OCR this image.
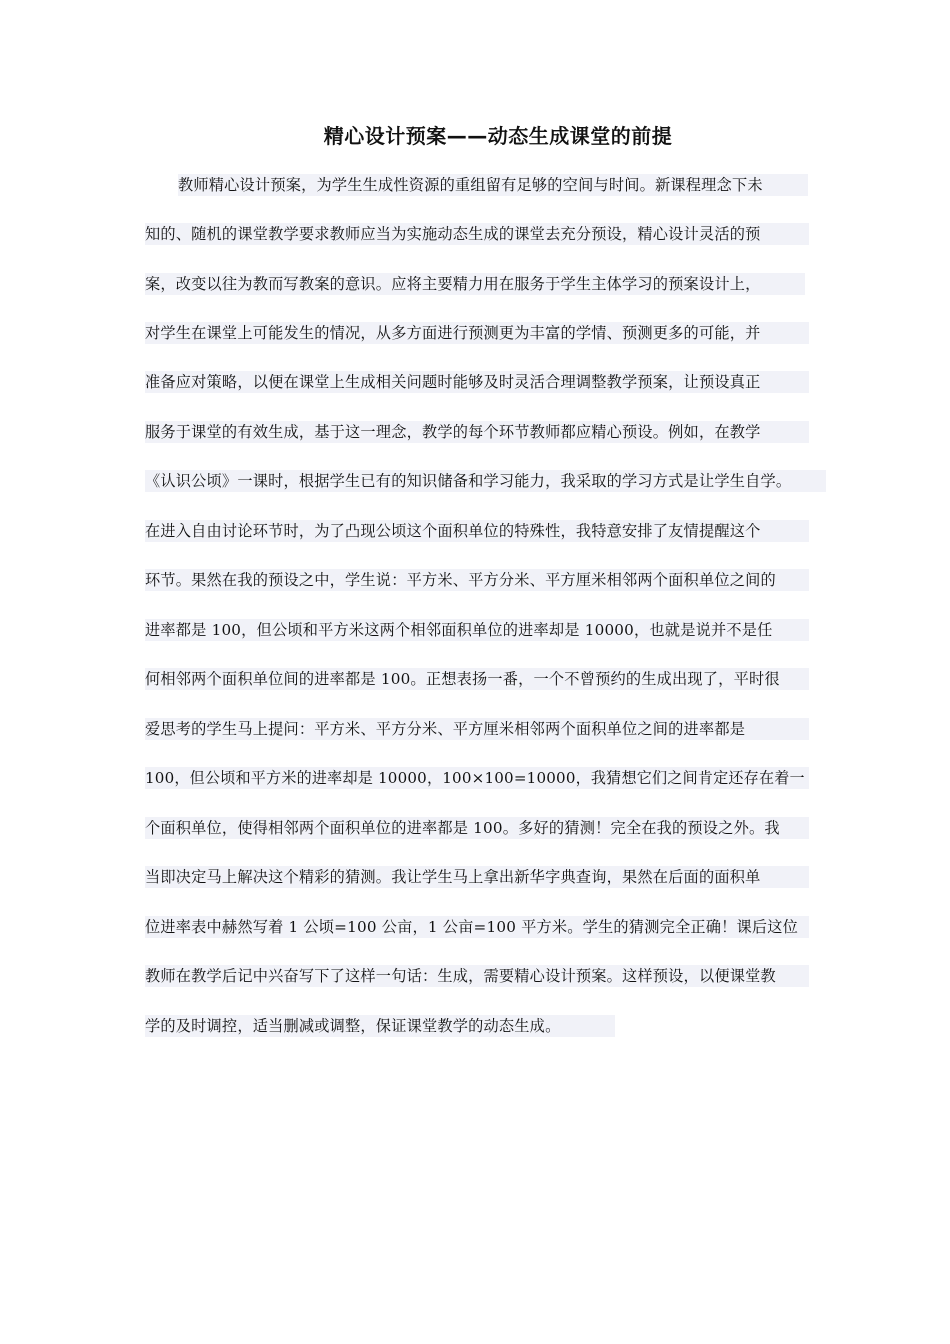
精心设计预案——动态生成课堂的前提
教师精心设计预案，为学生生成性资源的重组留有足够的空间与时间。新课程理念下未
知的、随机的课堂教学要求教师应当为实施动态生成的课堂去充分预设，精心设计灵活的预
案，改变以往为教而写教案的意识。应将主要精力用在服务于学生主体学习的预案设计上，
对学生在课堂上可能发生的情况，从多方面进行预测更为丰富的学情、预测更多的可能，并
准备应对策略，以便在课堂上生成相关问题时能够及时灵活合理调整教学预案，让预设真正
服务于课堂的有效生成，基于这一理念，教学的每个环节教师都应精心预设。例如，在教学
《认识公顷》一课时，根据学生已有的知识储备和学习能力，我采取的学习方式是让学生自学。
在进入自由讨论环节时，为了凸现公顷这个面积单位的特殊性，我特意安排了友情提醒这个
环节。果然在我的预设之中，学生说：平方米、平方分米、平方厘米相邻两个面积单位之间的
进率都是 100，但公顷和平方米这两个相邻面积单位的进率却是 10000，也就是说并不是任
何相邻两个面积单位间的进率都是 100。正想表扬一番，一个不曾预约的生成出现了，平时很
爱思考的学生马上提问：平方米、平方分米、平方厘米相邻两个面积单位之间的进率都是
100，但公顷和平方米的进率却是 10000，100×100=10000，我猜想它们之间肯定还存在着一
个面积单位，使得相邻两个面积单位的进率都是 100。多好的猜测！完全在我的预设之外。我
当即决定马上解决这个精彩的猜测。我让学生马上拿出新华字典查询，果然在后面的面积单
位进率表中赫然写着 1 公顷=100 公亩，1 公亩=100 平方米。学生的猜测完全正确！课后这位
教师在教学后记中兴奋写下了这样一句话：生成，需要精心设计预案。这样预设，以便课堂教
学的及时调控，适当删减或调整，保证课堂教学的动态生成。
